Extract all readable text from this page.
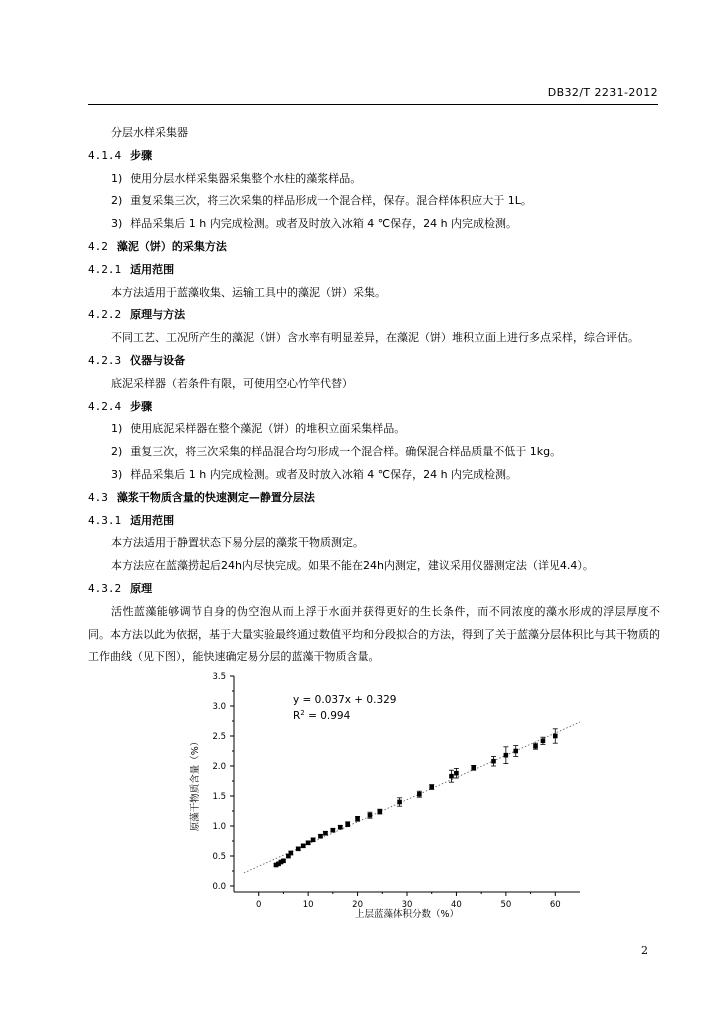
DB32/T 2231-2012
分层水样采集器
4.1.4 步骤
1) 使用分层水样采集器采集整个水柱的藻浆样品。
2) 重复采集三次，将三次采集的样品形成一个混合样，保存。混合样体积应大于 1L。
3) 样品采集后 1 h 内完成检测。或者及时放入冰箱 4 ℃保存，24 h 内完成检测。
4.2 藻泥（饼）的采集方法
4.2.1 适用范围
本方法适用于蓝藻收集、运输工具中的藻泥（饼）采集。
4.2.2 原理与方法
不同工艺、工况所产生的藻泥（饼）含水率有明显差异，在藻泥（饼）堆积立面上进行多点采样，综合评估。
4.2.3 仪器与设备
底泥采样器（若条件有限，可使用空心竹竿代替）
4.2.4 步骤
1) 使用底泥采样器在整个藻泥（饼）的堆积立面采集样品。
2) 重复三次，将三次采集的样品混合均匀形成一个混合样。确保混合样品质量不低于 1kg。
3) 样品采集后 1 h 内完成检测。或者及时放入冰箱 4 ℃保存，24 h 内完成检测。
4.3 藻浆干物质含量的快速测定—静置分层法
4.3.1 适用范围
本方法适用于静置状态下易分层的藻浆干物质测定。
本方法应在蓝藻捞起后24h内尽快完成。如果不能在24h内测定，建议采用仪器测定法（详见4.4）。
4.3.2 原理
活性蓝藻能够调节自身的伪空泡从而上浮于水面并获得更好的生长条件，而不同浓度的藻水形成的浮层厚度不同。本方法以此为依据，基于大量实验最终通过数值平均和分段拟合的方法，得到了关于蓝藻分层体积比与其干物质的工作曲线（见下图），能快速确定易分层的蓝藻干物质含量。
0.0
0.5
1.0
1.5
2.0
2.5
3.0
3.5
0	10	20	30	40	50	60
y = 0.037x + 0.329
$R^2 = 0.994$
上层蓝藻体积分数（%）
原藻干物质含量（%）
2
